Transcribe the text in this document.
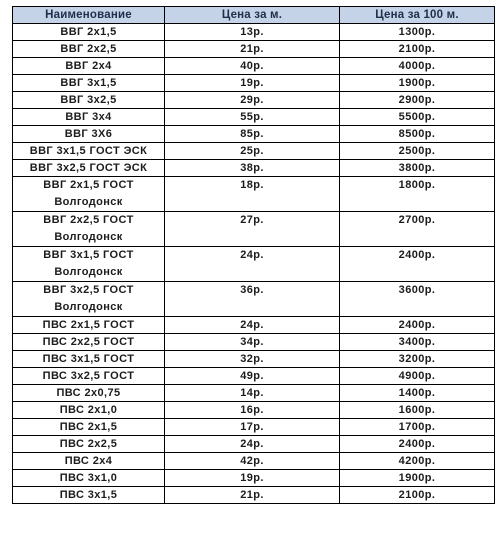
Наименование	Цена за м.	Цена за 100 м.
ВВГ 2х1,5	13р.	1300р.
ВВГ 2х2,5	21р.	2100р.
ВВГ 2х4	40р.	4000р.
ВВГ 3х1,5	19р.	1900р.
ВВГ 3х2,5	29р.	2900р.
ВВГ 3х4	55р.	5500р.
ВВГ 3Х6	85р.	8500р.
ВВГ 3х1,5 ГОСТ ЭСК	25р.	2500р.
ВВГ 3х2,5 ГОСТ ЭСК	38р.	3800р.
ВВГ 2х1,5 ГОСТ Волгодонск	18р.	1800р.
ВВГ 2х2,5 ГОСТ Волгодонск	27р.	2700р.
ВВГ 3х1,5 ГОСТ Волгодонск	24р.	2400р.
ВВГ 3х2,5 ГОСТ Волгодонск	36р.	3600р.
ПВС 2х1,5 ГОСТ	24р.	2400р.
ПВС 2х2,5 ГОСТ	34р.	3400р.
ПВС 3х1,5 ГОСТ	32р.	3200р.
ПВС 3х2,5 ГОСТ	49р.	4900р.
ПВС 2х0,75	14р.	1400р.
ПВС 2х1,0	16р.	1600р.
ПВС 2х1,5	17р.	1700р.
ПВС 2х2,5	24р.	2400р.
ПВС 2х4	42р.	4200р.
ПВС 3х1,0	19р.	1900р.
ПВС 3х1,5	21р.	2100р.
